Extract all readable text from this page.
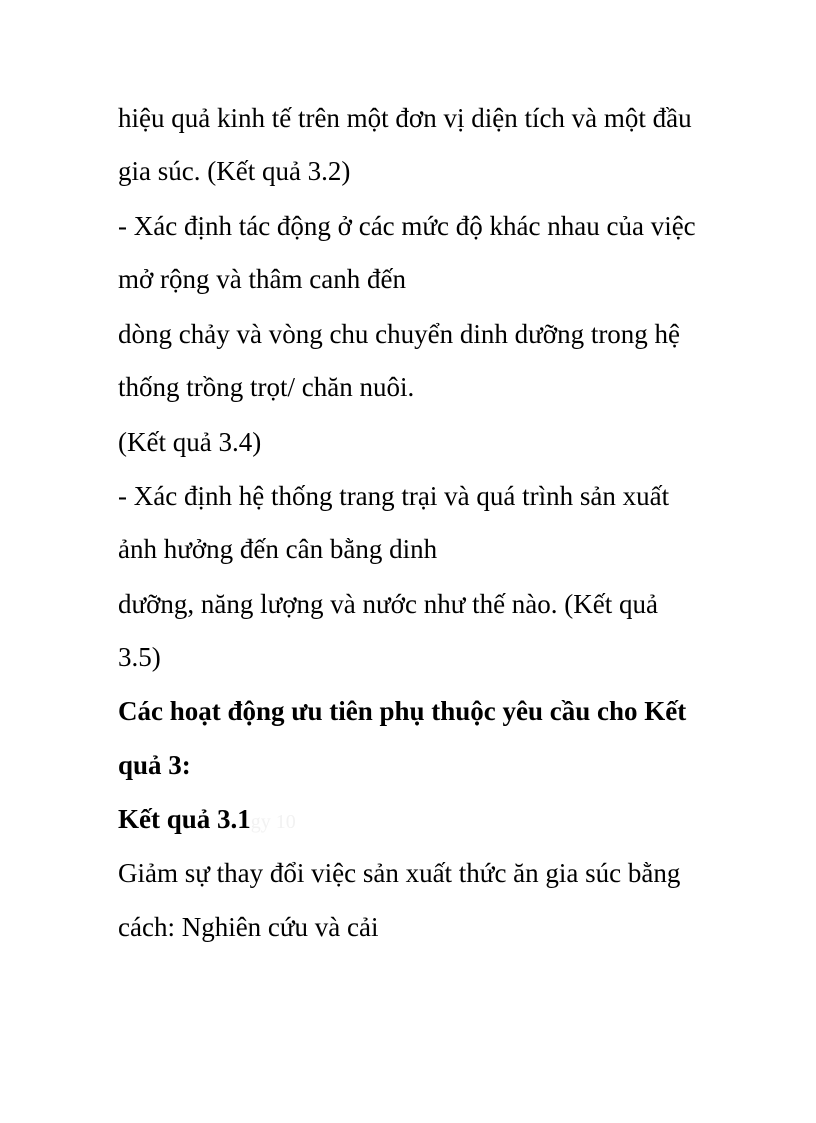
hiệu quả kinh tế trên một đơn vị diện tích và một đầu

gia súc. (Kết quả 3.2)

- Xác định tác động ở các mức độ khác nhau của việc

mở rộng và thâm canh đến

dòng chảy và vòng chu chuyển dinh dưỡng trong hệ

thống trồng trọt/ chăn nuôi.

(Kết quả 3.4)

- Xác định hệ thống trang trại và quá trình sản xuất

ảnh hưởng đến cân bằng dinh

dưỡng, năng lượng và nước như thế nào. (Kết quả

3.5)

Các hoạt động ưu tiên phụ thuộc yêu cầu cho Kết

quả 3:

Kết quả 3.1gy 10

Giảm sự thay đổi việc sản xuất thức ăn gia súc bằng

cách: Nghiên cứu và cải
